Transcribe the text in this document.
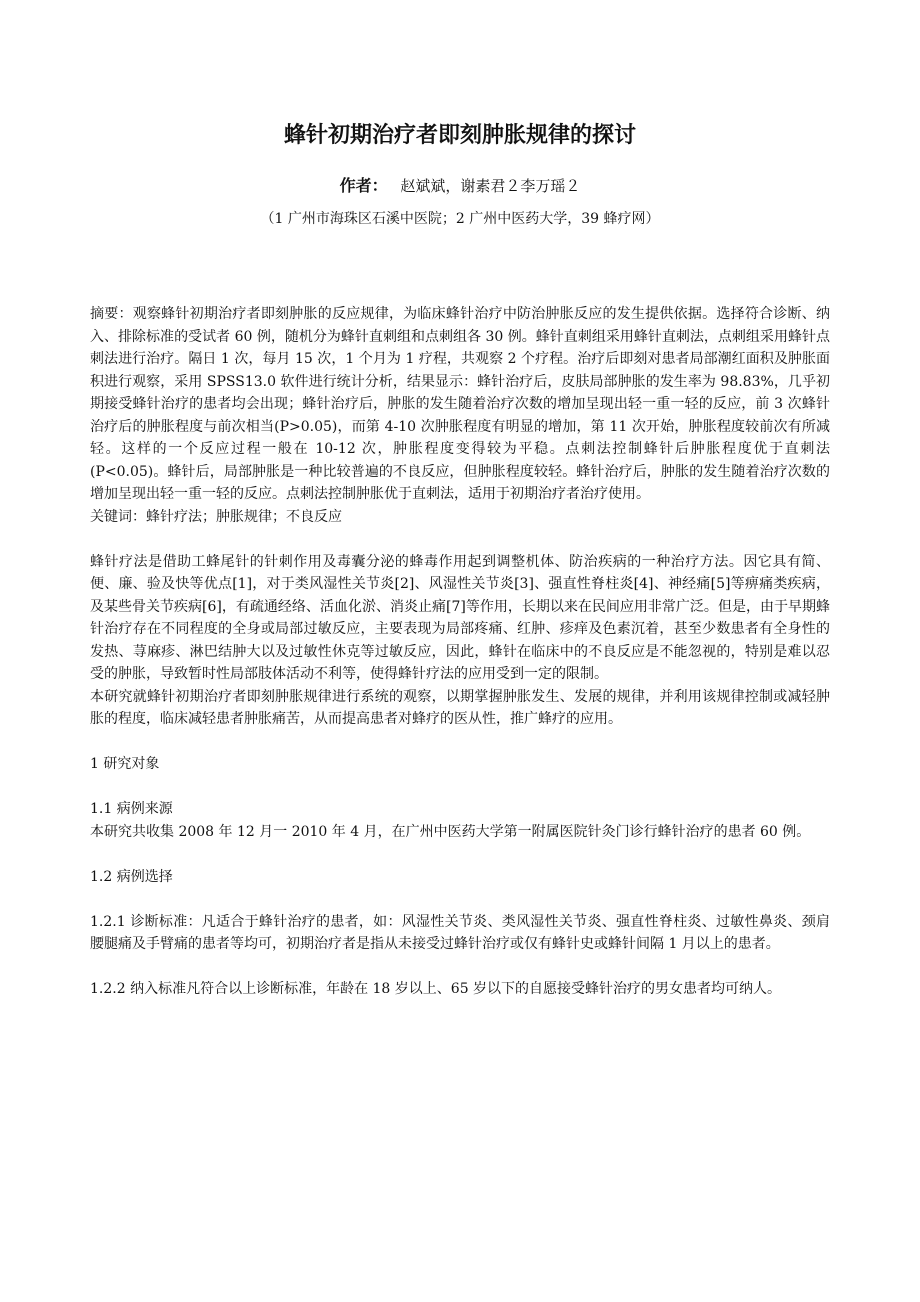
蜂针初期治疗者即刻肿胀规律的探讨
作者： 赵斌斌，谢素君２李万瑶２
（1 广州市海珠区石溪中医院；2 广州中医药大学，39 蜂疗网）

摘要：观察蜂针初期治疗者即刻肿胀的反应规律，为临床蜂针治疗中防治肿胀反应的发生提供依据。选择符合诊断、纳入、排除标准的受试者 60 例，随机分为蜂针直刺组和点刺组各 30 例。蜂针直刺组采用蜂针直刺法，点刺组采用蜂针点刺法进行治疗。隔日 1 次，每月 15 次，1 个月为 1 疗程，共观察 2 个疗程。治疗后即刻对患者局部潮红面积及肿胀面积进行观察，采用 SPSS13.0 软件进行统计分析，结果显示：蜂针治疗后，皮肤局部肿胀的发生率为 98.83%，几乎初期接受蜂针治疗的患者均会出现；蜂针治疗后，肿胀的发生随着治疗次数的增加呈现出轻一重一轻的反应，前 3 次蜂针治疗后的肿胀程度与前次相当(P>0.05)，而第 4-10 次肿胀程度有明显的增加，第 11 次开始，肿胀程度较前次有所减轻。这样的一个反应过程一般在 10-12 次，肿胀程度变得较为平稳。点刺法控制蜂针后肿胀程度优于直刺法(P<0.05)。蜂针后，局部肿胀是一种比较普遍的不良反应，但肿胀程度较轻。蜂针治疗后，肿胀的发生随着治疗次数的增加呈现出轻一重一轻的反应。点刺法控制肿胀优于直刺法，适用于初期治疗者治疗使用。

关键词：蜂针疗法；肿胀规律；不良反应

蜂针疗法是借助工蜂尾针的针刺作用及毒囊分泌的蜂毒作用起到调整机体、防治疾病的一种治疗方法。因它具有简、便、廉、验及快等优点[1]，对于类风湿性关节炎[2]、风湿性关节炎[3]、强直性脊柱炎[4]、神经痛[5]等痹痛类疾病，及某些骨关节疾病[6]，有疏通经络、活血化淤、消炎止痛[7]等作用，长期以来在民间应用非常广泛。但是，由于早期蜂针治疗存在不同程度的全身或局部过敏反应，主要表现为局部疼痛、红肿、疹痒及色素沉着，甚至少数患者有全身性的发热、荨麻疹、淋巴结肿大以及过敏性休克等过敏反应，因此，蜂针在临床中的不良反应是不能忽视的，特别是难以忍受的肿胀，导致暂时性局部肢体活动不利等，使得蜂针疗法的应用受到一定的限制。

本研究就蜂针初期治疗者即刻肿胀规律进行系统的观察，以期掌握肿胀发生、发展的规律，并利用该规律控制或减轻肿胀的程度，临床减轻患者肿胀痛苦，从而提高患者对蜂疗的医从性，推广蜂疗的应用。

1 研究对象

1.1 病例来源

本研究共收集 2008 年 12 月一 2010 年 4 月，在广州中医药大学第一附属医院针灸门诊行蜂针治疗的患者 60 例。

1.2 病例选择

1.2.1 诊断标准：凡适合于蜂针治疗的患者，如：风湿性关节炎、类风湿性关节炎、强直性脊柱炎、过敏性鼻炎、颈肩腰腿痛及手臂痛的患者等均可，初期治疗者是指从未接受过蜂针治疗或仅有蜂针史或蜂针间隔 1 月以上的患者。

1.2.2 纳入标准凡符合以上诊断标准，年龄在 18 岁以上、65 岁以下的自愿接受蜂针治疗的男女患者均可纳人。
